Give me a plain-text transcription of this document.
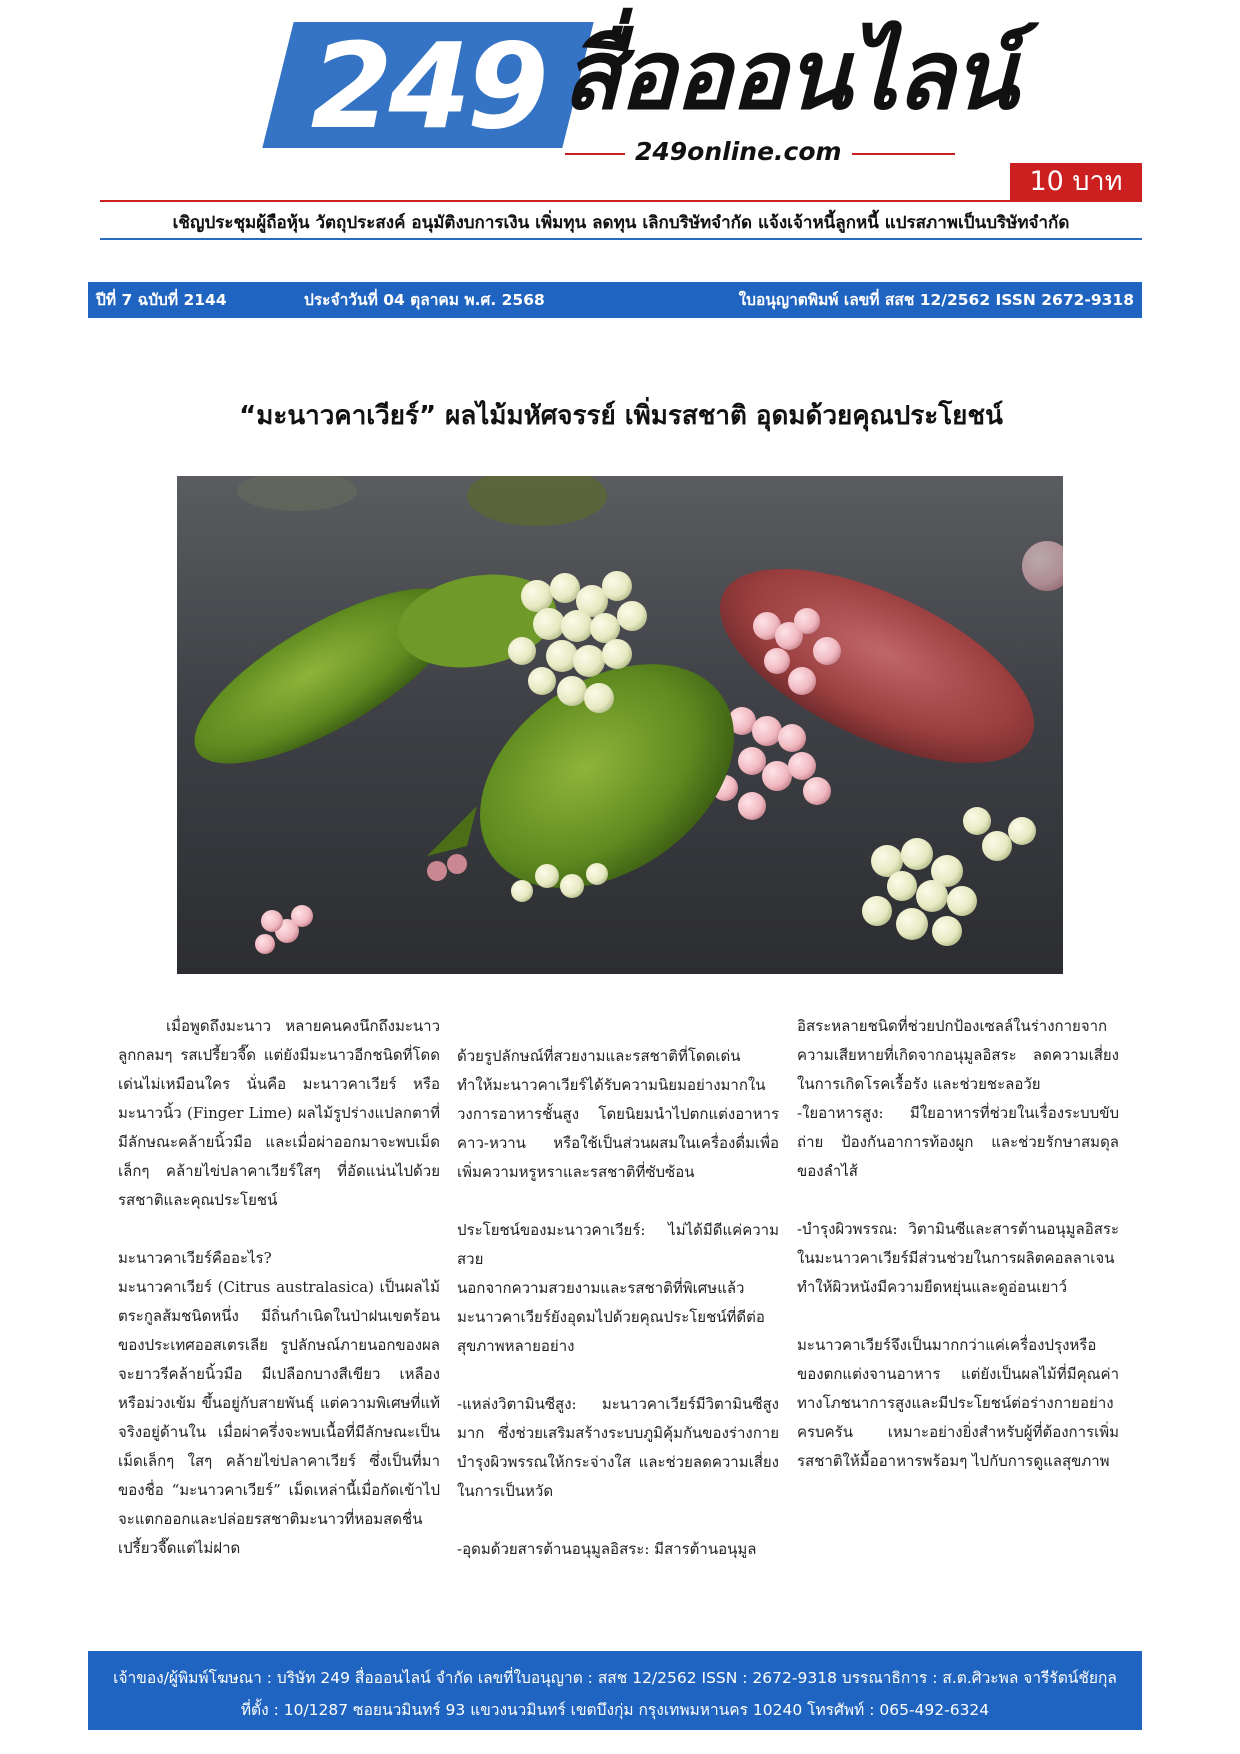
249 สื่อออนไลน์
249online.com
10 บาท
เชิญประชุมผู้ถือหุ้น วัตถุประสงค์ อนุมัติงบการเงิน เพิ่มทุน ลดทุน เลิกบริษัทจำกัด แจ้งเจ้าหนี้ลูกหนี้ แปรสภาพเป็นบริษัทจำกัด
ปีที่ 7 ฉบับที่ 2144	ประจำวันที่ 04 ตุลาคม พ.ศ. 2568	ใบอนุญาตพิมพ์ เลขที่ สสช 12/2562 ISSN 2672-9318
“มะนาวคาเวียร์” ผลไม้มหัศจรรย์ เพิ่มรสชาติ อุดมด้วยคุณประโยชน์

เมื่อพูดถึงมะนาว หลายคนคงนึกถึงมะนาวลูกกลมๆ รสเปรี้ยวจี๊ด แต่ยังมีมะนาวอีกชนิดที่โดดเด่นไม่เหมือนใคร นั่นคือ มะนาวคาเวียร์ หรือ มะนาวนิ้ว (Finger Lime) ผลไม้รูปร่างแปลกตาที่มีลักษณะคล้ายนิ้วมือ และเมื่อผ่าออกมาจะพบเม็ดเล็กๆ คล้ายไข่ปลาคาเวียร์ใสๆ ที่อัดแน่นไปด้วยรสชาติและคุณประโยชน์

มะนาวคาเวียร์คืออะไร?

มะนาวคาเวียร์ (Citrus australasica) เป็นผลไม้ตระกูลส้มชนิดหนึ่ง มีถิ่นกำเนิดในป่าฝนเขตร้อนของประเทศออสเตรเลีย รูปลักษณ์ภายนอกของผลจะยาวรีคล้ายนิ้วมือ มีเปลือกบางสีเขียว เหลือง หรือม่วงเข้ม ขึ้นอยู่กับสายพันธุ์ แต่ความพิเศษที่แท้จริงอยู่ด้านใน เมื่อผ่าครึ่งจะพบเนื้อที่มีลักษณะเป็นเม็ดเล็กๆ ใสๆ คล้ายไข่ปลาคาเวียร์ ซึ่งเป็นที่มาของชื่อ “มะนาวคาเวียร์” เม็ดเหล่านี้เมื่อกัดเข้าไปจะแตกออกและปล่อยรสชาติมะนาวที่หอมสดชื่น เปรี้ยวจี๊ดแต่ไม่ฝาด

ด้วยรูปลักษณ์ที่สวยงามและรสชาติที่โดดเด่น ทำให้มะนาวคาเวียร์ได้รับความนิยมอย่างมากในวงการอาหารชั้นสูง โดยนิยมนำไปตกแต่งอาหารคาว-หวาน หรือใช้เป็นส่วนผสมในเครื่องดื่มเพื่อเพิ่มความหรูหราและรสชาติที่ซับซ้อน

ประโยชน์ของมะนาวคาเวียร์: ไม่ได้มีดีแค่ความสวย

นอกจากความสวยงามและรสชาติที่พิเศษแล้ว มะนาวคาเวียร์ยังอุดมไปด้วยคุณประโยชน์ที่ดีต่อสุขภาพหลายอย่าง

-แหล่งวิตามินซีสูง: มะนาวคาเวียร์มีวิตามินซีสูงมาก ซึ่งช่วยเสริมสร้างระบบภูมิคุ้มกันของร่างกาย บำรุงผิวพรรณให้กระจ่างใส และช่วยลดความเสี่ยงในการเป็นหวัด

-อุดมด้วยสารต้านอนุมูลอิสระ: มีสารต้านอนุมูล

อิสระหลายชนิดที่ช่วยปกป้องเซลล์ในร่างกายจากความเสียหายที่เกิดจากอนุมูลอิสระ ลดความเสี่ยงในการเกิดโรคเรื้อรัง และช่วยชะลอวัย

-ใยอาหารสูง: มีใยอาหารที่ช่วยในเรื่องระบบขับถ่าย ป้องกันอาการท้องผูก และช่วยรักษาสมดุลของลำไส้

-บำรุงผิวพรรณ: วิตามินซีและสารต้านอนุมูลอิสระในมะนาวคาเวียร์มีส่วนช่วยในการผลิตคอลลาเจน ทำให้ผิวหนังมีความยืดหยุ่นและดูอ่อนเยาว์

มะนาวคาเวียร์จึงเป็นมากกว่าแค่เครื่องปรุงหรือของตกแต่งจานอาหาร แต่ยังเป็นผลไม้ที่มีคุณค่าทางโภชนาการสูงและมีประโยชน์ต่อร่างกายอย่างครบครัน เหมาะอย่างยิ่งสำหรับผู้ที่ต้องการเพิ่มรสชาติให้มื้ออาหารพร้อมๆ ไปกับการดูแลสุขภาพ

เจ้าของ/ผู้พิมพ์โฆษณา : บริษัท 249 สื่อออนไลน์ จำกัด เลขที่ใบอนุญาต : สสช 12/2562 ISSN : 2672-9318 บรรณาธิการ : ส.ต.ศิวะพล จารีรัตน์ชัยกุล
ที่ตั้ง : 10/1287 ซอยนวมินทร์ 93 แขวงนวมินทร์ เขตบึงกุ่ม กรุงเทพมหานคร 10240 โทรศัพท์ : 065-492-6324
